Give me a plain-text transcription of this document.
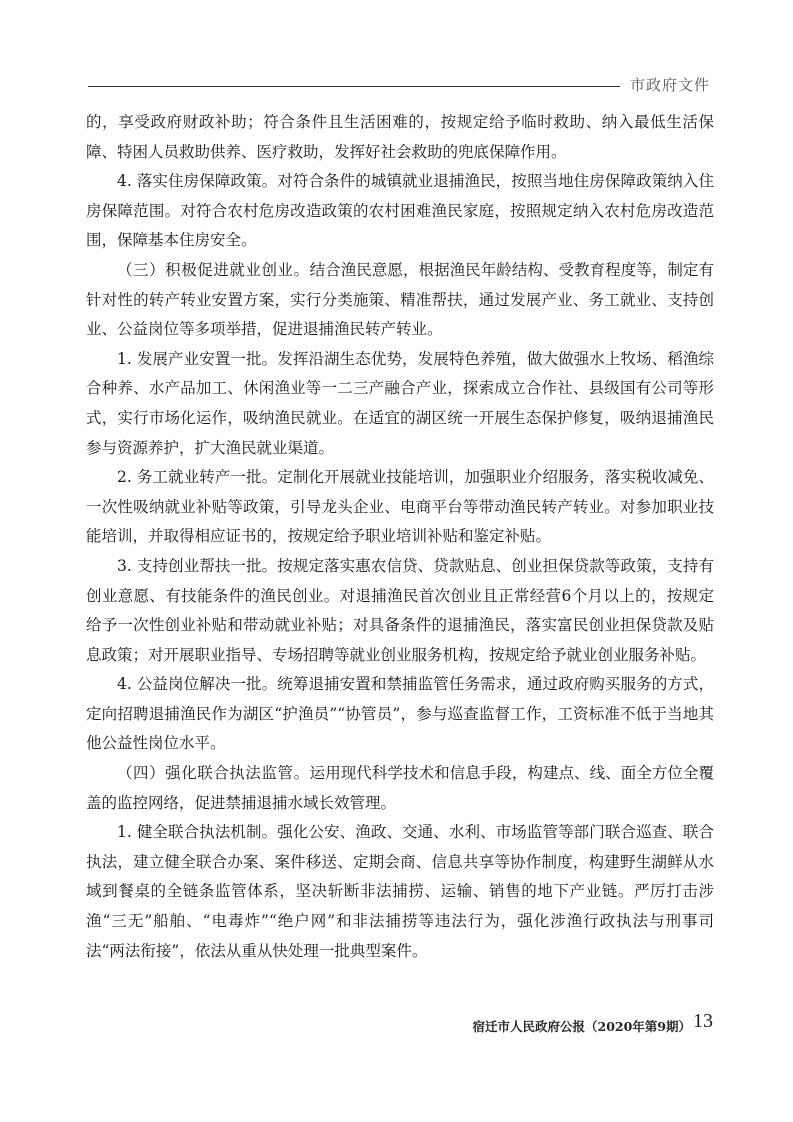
市政府文件

的，享受政府财政补助；符合条件且生活困难的，按规定给予临时救助、纳入最低生活保障、特困人员救助供养、医疗救助，发挥好社会救助的兜底保障作用。

4. 落实住房保障政策。对符合条件的城镇就业退捕渔民，按照当地住房保障政策纳入住房保障范围。对符合农村危房改造政策的农村困难渔民家庭，按照规定纳入农村危房改造范围，保障基本住房安全。

（三）积极促进就业创业。结合渔民意愿，根据渔民年龄结构、受教育程度等，制定有针对性的转产转业安置方案，实行分类施策、精准帮扶，通过发展产业、务工就业、支持创业、公益岗位等多项举措，促进退捕渔民转产转业。

1. 发展产业安置一批。发挥沿湖生态优势，发展特色养殖，做大做强水上牧场、稻渔综合种养、水产品加工、休闲渔业等一二三产融合产业，探索成立合作社、县级国有公司等形式，实行市场化运作，吸纳渔民就业。在适宜的湖区统一开展生态保护修复，吸纳退捕渔民参与资源养护，扩大渔民就业渠道。

2. 务工就业转产一批。定制化开展就业技能培训，加强职业介绍服务，落实税收减免、一次性吸纳就业补贴等政策，引导龙头企业、电商平台等带动渔民转产转业。对参加职业技能培训，并取得相应证书的，按规定给予职业培训补贴和鉴定补贴。

3. 支持创业帮扶一批。按规定落实惠农信贷、贷款贴息、创业担保贷款等政策，支持有创业意愿、有技能条件的渔民创业。对退捕渔民首次创业且正常经营6个月以上的，按规定给予一次性创业补贴和带动就业补贴；对具备条件的退捕渔民，落实富民创业担保贷款及贴息政策；对开展职业指导、专场招聘等就业创业服务机构，按规定给予就业创业服务补贴。

4. 公益岗位解决一批。统筹退捕安置和禁捕监管任务需求，通过政府购买服务的方式，定向招聘退捕渔民作为湖区“护渔员”“协管员”，参与巡查监督工作，工资标准不低于当地其他公益性岗位水平。

（四）强化联合执法监管。运用现代科学技术和信息手段，构建点、线、面全方位全覆盖的监控网络，促进禁捕退捕水域长效管理。

1. 健全联合执法机制。强化公安、渔政、交通、水利、市场监管等部门联合巡查、联合执法，建立健全联合办案、案件移送、定期会商、信息共享等协作制度，构建野生湖鲜从水域到餐桌的全链条监管体系，坚决斩断非法捕捞、运输、销售的地下产业链。严厉打击涉渔“三无”船舶、“电毒炸”“绝户网”和非法捕捞等违法行为，强化涉渔行政执法与刑事司法“两法衔接”，依法从重从快处理一批典型案件。

宿迁市人民政府公报（2020年第9期） 13
